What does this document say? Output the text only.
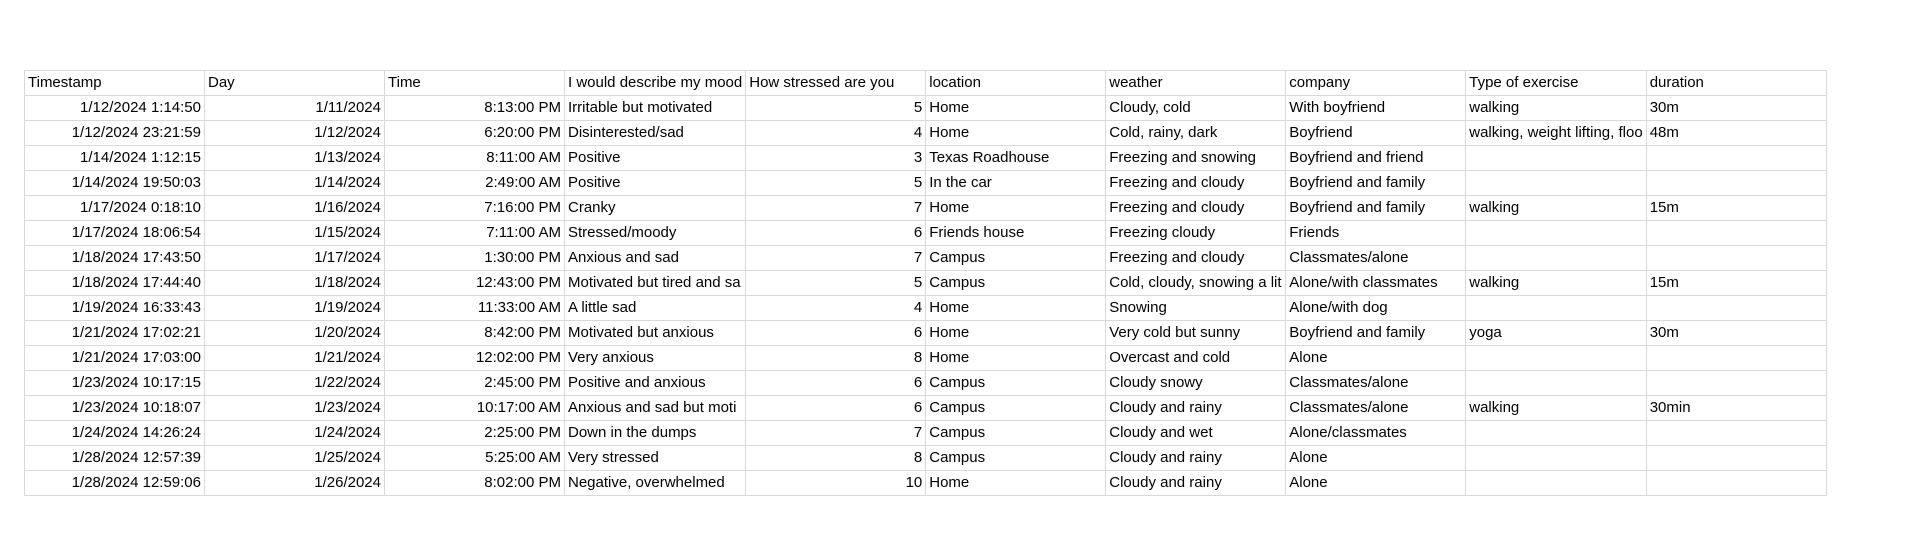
Timestamp	Day	Time	I would describe my mood	How stressed are you	location	weather	company	Type of exercise	duration
1/12/2024 1:14:50	1/11/2024	8:13:00 PM	Irritable but motivated	5	Home	Cloudy, cold	With boyfriend	walking	30m
1/12/2024 23:21:59	1/12/2024	6:20:00 PM	Disinterested/sad	4	Home	Cold, rainy, dark	Boyfriend	walking, weight lifting, floo	48m
1/14/2024 1:12:15	1/13/2024	8:11:00 AM	Positive	3	Texas Roadhouse	Freezing and snowing	Boyfriend and friend		
1/14/2024 19:50:03	1/14/2024	2:49:00 AM	Positive	5	In the car	Freezing and cloudy	Boyfriend and family		
1/17/2024 0:18:10	1/16/2024	7:16:00 PM	Cranky	7	Home	Freezing and cloudy	Boyfriend and family	walking	15m
1/17/2024 18:06:54	1/15/2024	7:11:00 AM	Stressed/moody	6	Friends house	Freezing cloudy	Friends		
1/18/2024 17:43:50	1/17/2024	1:30:00 PM	Anxious and sad	7	Campus	Freezing and cloudy	Classmates/alone		
1/18/2024 17:44:40	1/18/2024	12:43:00 PM	Motivated but tired and sa	5	Campus	Cold, cloudy, snowing a lit	Alone/with classmates	walking	15m
1/19/2024 16:33:43	1/19/2024	11:33:00 AM	A little sad	4	Home	Snowing	Alone/with dog		
1/21/2024 17:02:21	1/20/2024	8:42:00 PM	Motivated but anxious	6	Home	Very cold but sunny	Boyfriend and family	yoga	30m
1/21/2024 17:03:00	1/21/2024	12:02:00 PM	Very anxious	8	Home	Overcast and cold	Alone		
1/23/2024 10:17:15	1/22/2024	2:45:00 PM	Positive and anxious	6	Campus	Cloudy snowy	Classmates/alone		
1/23/2024 10:18:07	1/23/2024	10:17:00 AM	Anxious and sad but moti	6	Campus	Cloudy and rainy	Classmates/alone	walking	30min
1/24/2024 14:26:24	1/24/2024	2:25:00 PM	Down in the dumps	7	Campus	Cloudy and wet	Alone/classmates		
1/28/2024 12:57:39	1/25/2024	5:25:00 AM	Very stressed	8	Campus	Cloudy and rainy	Alone		
1/28/2024 12:59:06	1/26/2024	8:02:00 PM	Negative, overwhelmed	10	Home	Cloudy and rainy	Alone		
